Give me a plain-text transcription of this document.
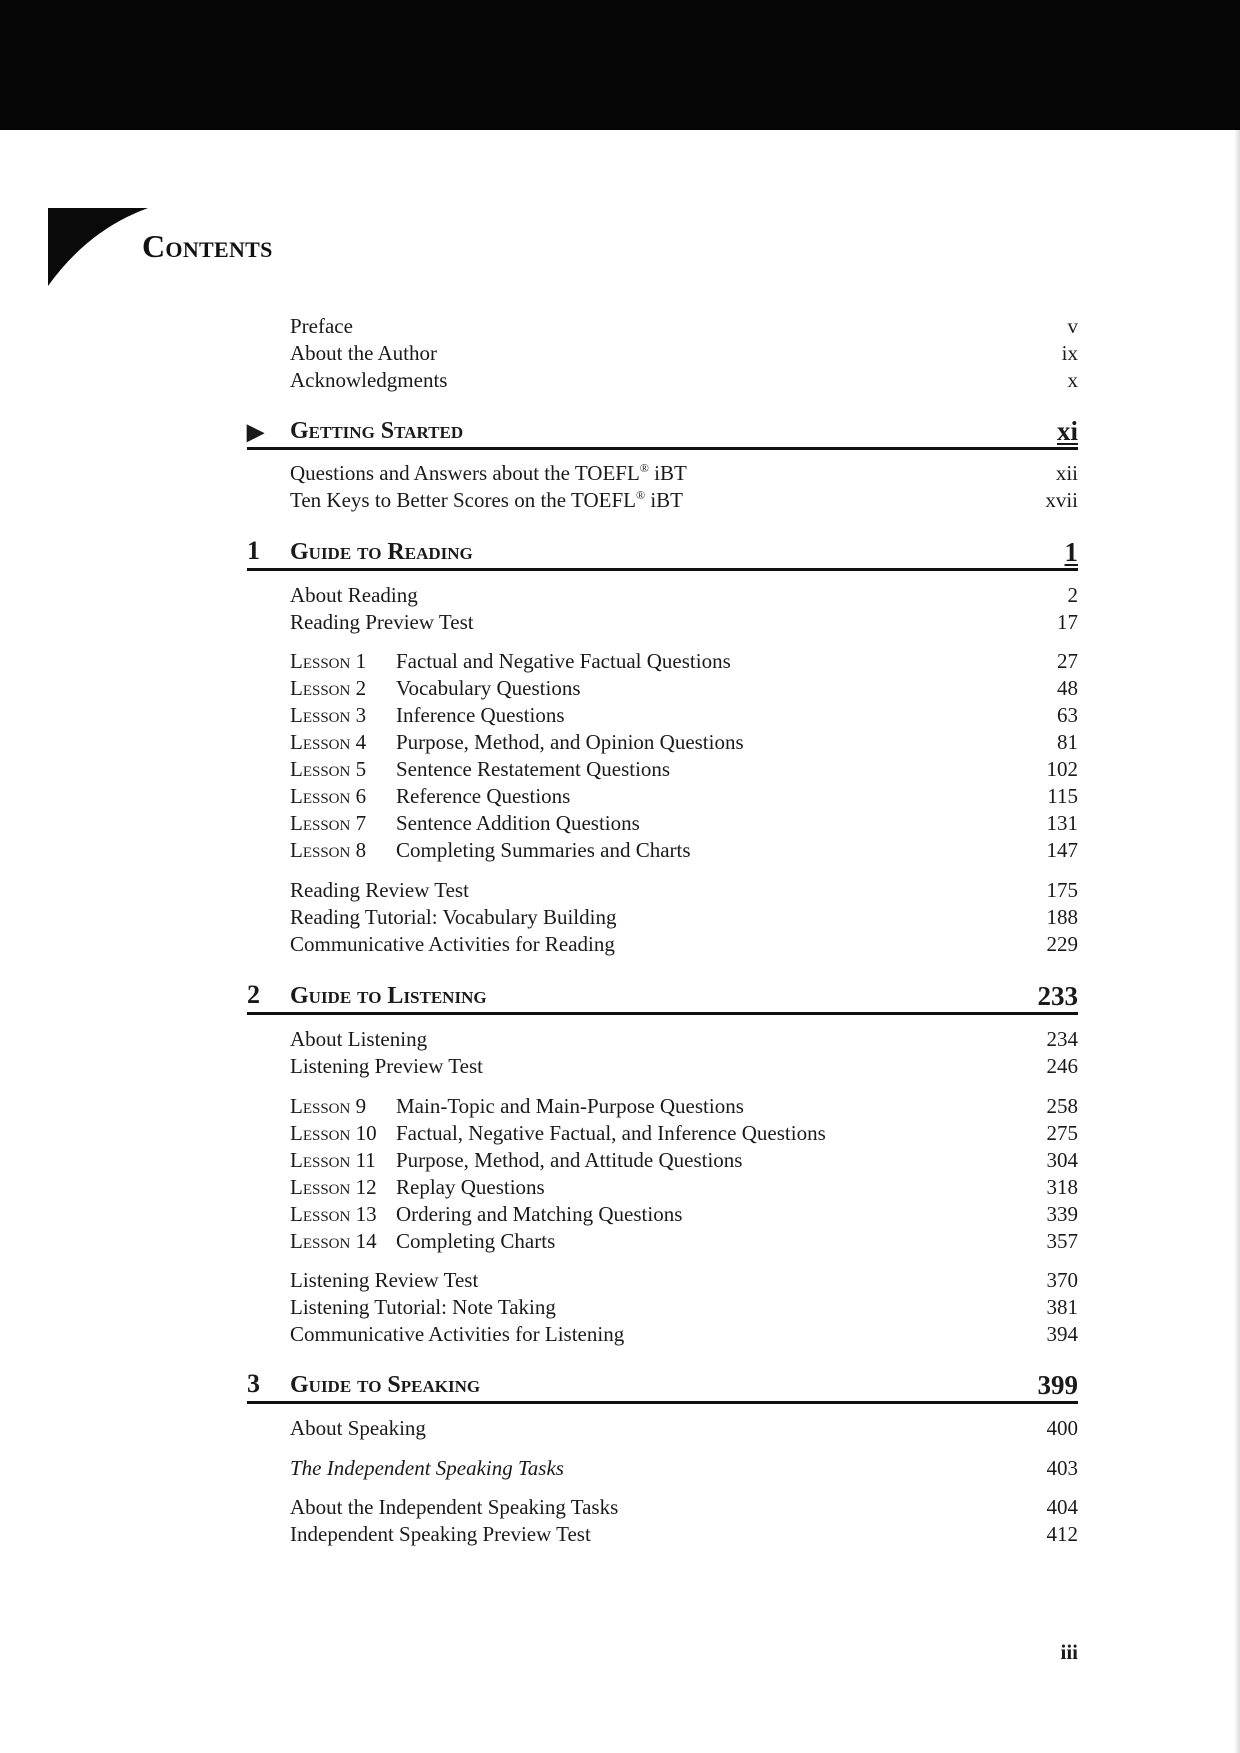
Contents
Preface	v
About the Author	ix
Acknowledgments	x
▶	Getting Started	xi
Questions and Answers about the TOEFL® iBT	xii
Ten Keys to Better Scores on the TOEFL® iBT	xvii
1	Guide to Reading	1
About Reading	2
Reading Preview Test	17
Lesson 1 Factual and Negative Factual Questions	27
Lesson 2 Vocabulary Questions	48
Lesson 3 Inference Questions	63
Lesson 4 Purpose, Method, and Opinion Questions	81
Lesson 5 Sentence Restatement Questions	102
Lesson 6 Reference Questions	115
Lesson 7 Sentence Addition Questions	131
Lesson 8 Completing Summaries and Charts	147
Reading Review Test	175
Reading Tutorial: Vocabulary Building	188
Communicative Activities for Reading	229
2	Guide to Listening	233
About Listening	234
Listening Preview Test	246
Lesson 9 Main-Topic and Main-Purpose Questions	258
Lesson 10 Factual, Negative Factual, and Inference Questions	275
Lesson 11 Purpose, Method, and Attitude Questions	304
Lesson 12 Replay Questions	318
Lesson 13 Ordering and Matching Questions	339
Lesson 14 Completing Charts	357
Listening Review Test	370
Listening Tutorial: Note Taking	381
Communicative Activities for Listening	394
3	Guide to Speaking	399
About Speaking	400
The Independent Speaking Tasks	403
About the Independent Speaking Tasks	404
Independent Speaking Preview Test	412
iii
